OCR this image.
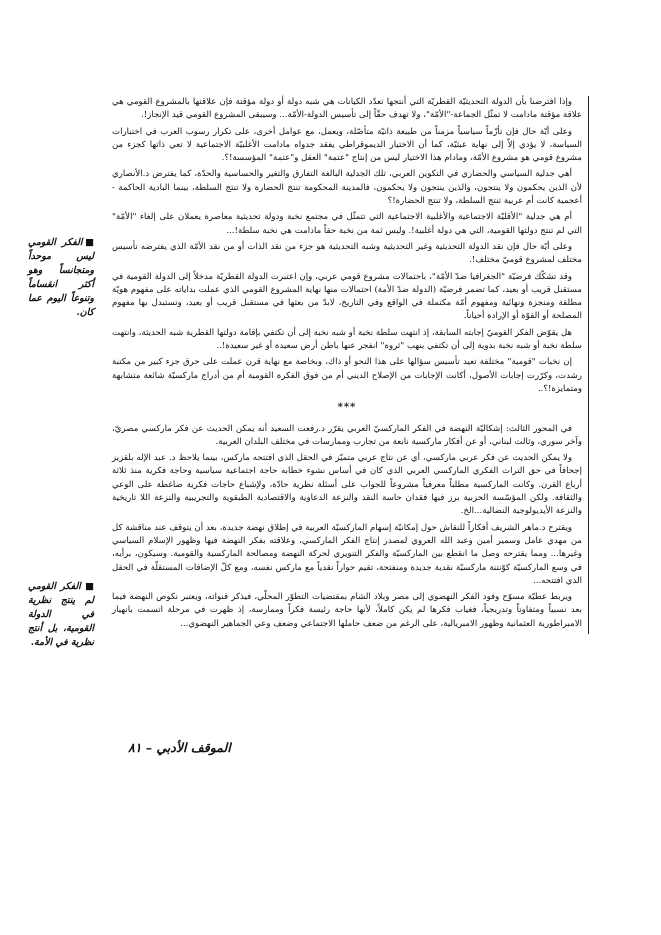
وإذا افترضنا بأن الدولة التحديثيّة القطريّة التي أنتجها تعدّد الكيانات هي شبه دولة أو دولة مؤقتة فإن علاقتها بالمشروع القومي هي علاقة مؤقتة مادامت لا تمثّل الجماعة-"الأمّة"، ولا تهدف حقّاً إلى تأسيس الدولة-الأمّة... وسيبقى المشروع القومي قيد الإنجاز!.

وعلى أيّة حال فإن تأزّماً سياسياً مزمناً من طبيعة ذاتيّة متأصّلة، ويعمل، مع عوامل أخرى، على تكرار رسوب العرب في اختبارات السياسة، لا يؤدي إلاّ إلى نهاية عبثيّة، كما أن الاختيار الديموقراطي يفقد جدواه مادامت الأغلبيّة الاجتماعية لا تعي ذاتها كجزء من مشروع قومي هو مشروع الأمّة، ومادام هذا الاختيار ليس من إنتاج "عتمة" العقل و"عتمة" المؤسسة!؟.

أهي جدلية السياسي والحضاري في التكوين العربي، تلك الجدلية البالغة التفارق والتغير والحساسية والحدّة، كما يفترض د.الأنصاري لأن الذين يحكمون ولا ينتجون، والذين ينتجون ولا يحكمون، فالمدينة المحكومة تنتج الحضارة ولا تنتج السلطة، بينما البادية الحاكمة - أعجمية كانت أم عربية تنتج السلطة، ولا تنتج الحضارة!؟

أم هي جدلية "الأقليّة الاجتماعية والأغلبية الاجتماعية التي تتمثّل في مجتمع نخبة ودولة تحديثية معاصرة يعملان على إلغاء "الأمّة" التي لم تنتج دولتها القومية، التي هي دولة أغلبية!. وليس ثمة من نخبة حقاً مادامت هي نخبة سلطة!...

وعلى أيّة حال فإن نقد الدولة التحديثية وغير التحديثية وشبه التحديثية هو جزء من نقد الذات أو من نقد الأمّة الذي يفترضه تأسيس مختلف لمشروع قوميّ مختلف!.

وقد تشكّك فرضيّة "الجغرافيا ضدّ الأمّة"، باحتمالات مشروع قومي عربي، وإن اعتبرت الدولة القطريّة مدخلاً إلى الدولة القومية في مستقبل قريب أو بعيد، كما تضمر فرضيّة (الدولة ضدّ الأمة) احتمالات منها نهاية المشروع القومي الذي عملت بداياته على مفهوم هويّة مطلقة ومنجزة ونهائية ومفهوم أمّة مكتملة في الواقع وفي التاريخ، لابدّ من بعثها في مستقبل قريب أو بعيد، وتستبدل بها مفهوم المصلحة أو القوّة أو الإرادة أحياناً.

هل يقوّض الفكر القوميّ إجابته السابقة، إذ انتهت سلطة نخبة أو شبه نخبة إلى أن تكتفي بإقامة دولتها القطرية شبه الحديثة، وانتهت سلطة نخبة أو شبه نخبة بدوية إلى أن تكتفي بنهب "ثروة" انفجر عنها باطن أرض سعيدة أو غير سعيدة!..

إن نخبات "قومية" مختلفة تعيد تأسيس سؤالها على هذا النحو أو ذاك، وبخاصة مع نهاية قرن عملت على حرق جزء كبير من مكتبة رشدت، وكرّرت إجابات الأصول، أكانت الإجابات من الإصلاح الديني أم من فوق الفكرة القومية أم من أدراج ماركسيّة شائعة متشابهة ومتمايزة!؟..

***

في المحور الثالث: إشكاليّة النهضة في الفكر الماركسيّ العربي يقرّر د.رفعت السعيد أنه يمكن الحديث عن فكر ماركسي مصريّ، وآخر سوري، وثالث لبناني، أو عن أفكار ماركسية نابعة من تجارب وممارسات في مختلف البلدان العربية.

ولا يمكن الحديث عن فكر عربي ماركسي، أي عن نتاج عربي متميّز في الحقل الذي افتتحه ماركس، بينما يلاحظ د. عبد الإله بلقزيز إجحافاً في حق التراث الفكري الماركسي العربي الذي كان في أساس نشوء خطابه حاجة اجتماعية سياسية وحاجة فكرية منذ ثلاثة أرباع القرن. وكانت الماركسية مطلباً معرفياً مشروعاً للجواب على أسئلة نظرية حادّة، ولإشباع حاجات فكرية ضاغطة على الوعي والثقافة. ولكن المؤسّسة الحزبية برز فيها فقدان حاسة النقد والنزعة الدعاوية والاقتصادية الطبقوية والتجريبية والنزعة اللا تاريخية والنزعة الأيديولوجية النضالية...الخ.

ويقترح د.ماهر الشريف أفكاراً للنقاش حول إمكانيّة إسهام الماركسيّة العربية في إطلاق نهضة جديدة، بعد أن يتوقف عند مناقشة كل من مهدي عامل وسمير أمين وعبد الله العروي لمصدر إنتاج الفكر الماركسي، وعلاقته بفكر النهضة فيها وظهور الإسلام السياسي وغيرها... ومما يقترحه وصل ما انقطع بين الماركسيّة والفكر التنويري لحركة النهضة ومصالحة الماركسية والقومية. وسيكون، برأيه، في وسع الماركسيّة كوّنتنة ماركسيّة نقدية جديدة ومنفتحة، تقيم حواراً نقدياً مع ماركس نفسه، ومع كلّ الإضافات المستقلّة في الحقل الذي افتتحه...

ويربط عطيّة مسوّح وفود الفكر النهضوي إلى مصر وبلاد الشام بمقتضيات التطوّر المحلّي، فيذكر قنواته، ويعتبر نكوص النهضة فيما بعد نسبياً ومتفاوتاً وتدريجياً، فغياب فكرها لم يكن كاملاً، لأنها حاجة رئيسة فكراً وممارسة، إذ ظهرت في مرحلة اتسمت بانهيار الامبراطورية العثمانية وظهور الامبريالية، على الرغم من ضعف حاملها الاجتماعي وضعف وعي الجماهير النهضوي...

■الفكر القومي ليس موحداً ومتجانساً وهو أكثر انقساماً وتنوعاً اليوم عما كان.
■ الفكر القومي لم ينتج نظرية في الدولة القومية، بل أنتج نظرية في الأمة.
الموقف الأدبي – ٨١
